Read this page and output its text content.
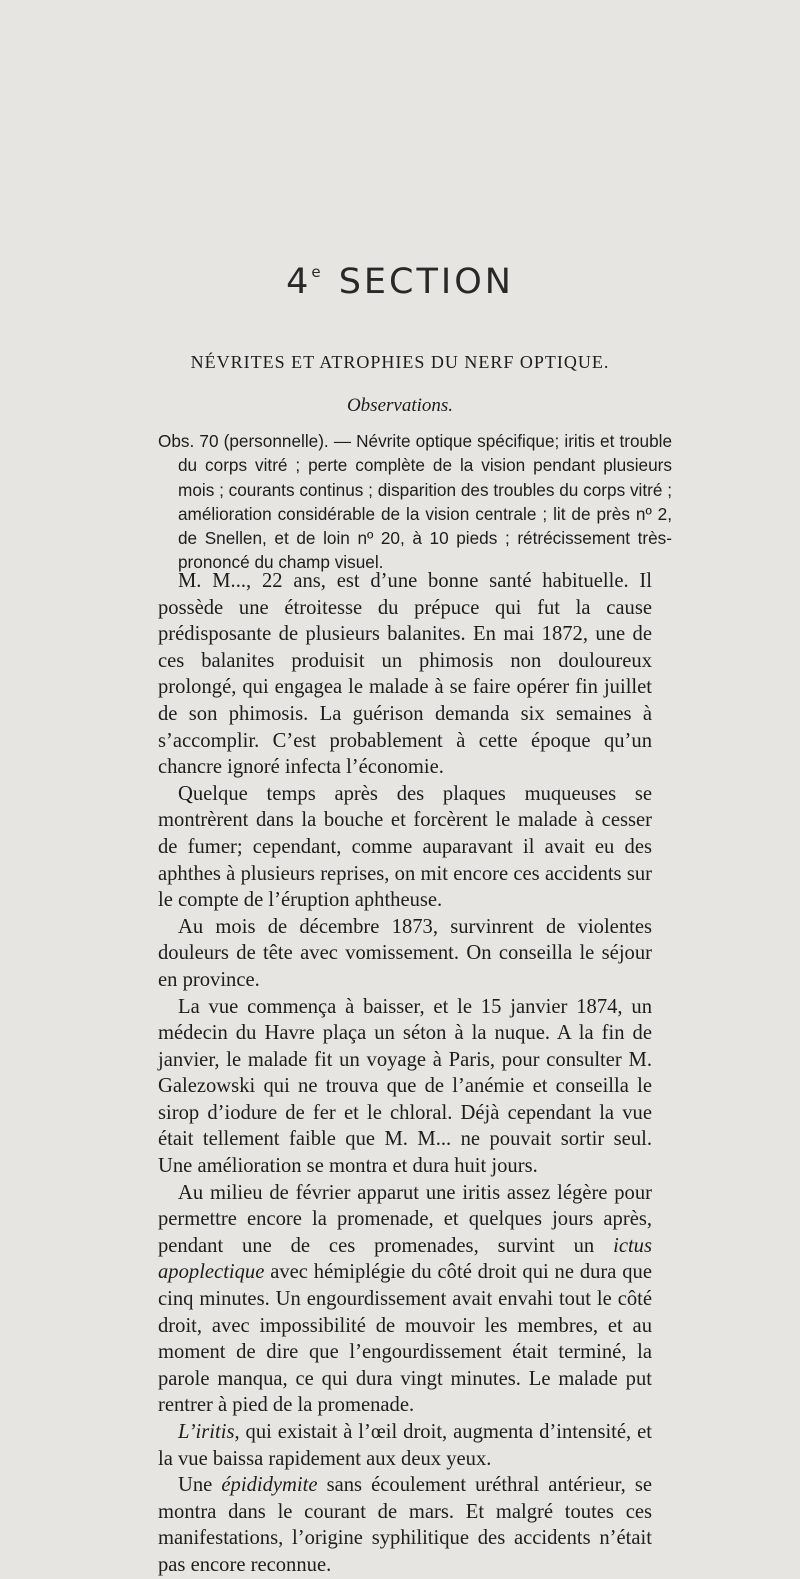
4e SECTION
NÉVRITES ET ATROPHIES DU NERF OPTIQUE.
Observations.
Obs. 70 (personnelle). — Névrite optique spécifique; iritis et trouble du corps vitré ; perte complète de la vision pendant plusieurs mois ; courants continus ; disparition des troubles du corps vitré ; amélioration considérable de la vision centrale ; lit de près nº 2, de Snellen, et de loin nº 20, à 10 pieds ; rétrécissement très-prononcé du champ visuel.

M. M..., 22 ans, est d’une bonne santé habituelle. Il possède une étroitesse du prépuce qui fut la cause prédisposante de plusieurs balanites. En mai 1872, une de ces balanites produisit un phimosis non douloureux prolongé, qui engagea le malade à se faire opérer fin juillet de son phimosis. La guérison demanda six semaines à s’accomplir. C’est probablement à cette époque qu’un chancre ignoré infecta l’économie.

Quelque temps après des plaques muqueuses se montrèrent dans la bouche et forcèrent le malade à cesser de fumer; cependant, comme auparavant il avait eu des aphthes à plusieurs reprises, on mit encore ces accidents sur le compte de l’éruption aphtheuse.

Au mois de décembre 1873, survinrent de violentes douleurs de tête avec vomissement. On conseilla le séjour en province.

La vue commença à baisser, et le 15 janvier 1874, un médecin du Havre plaça un séton à la nuque. A la fin de janvier, le malade fit un voyage à Paris, pour consulter M. Galezowski qui ne trouva que de l’anémie et conseilla le sirop d’iodure de fer et le chloral. Déjà cependant la vue était tellement faible que M. M... ne pouvait sortir seul. Une amélioration se montra et dura huit jours.

Au milieu de février apparut une iritis assez légère pour permettre encore la promenade, et quelques jours après, pendant une de ces promenades, survint un ictus apoplectique avec hémiplégie du côté droit qui ne dura que cinq minutes. Un engourdissement avait envahi tout le côté droit, avec impossibilité de mouvoir les membres, et au moment de dire que l’engourdissement était terminé, la parole manqua, ce qui dura vingt minutes. Le malade put rentrer à pied de la promenade.

L’iritis, qui existait à l’œil droit, augmenta d’intensité, et la vue baissa rapidement aux deux yeux.

Une épididymite sans écoulement uréthral antérieur, se montra dans le courant de mars. Et malgré toutes ces manifestations, l’origine syphilitique des accidents n’était pas encore reconnue.
